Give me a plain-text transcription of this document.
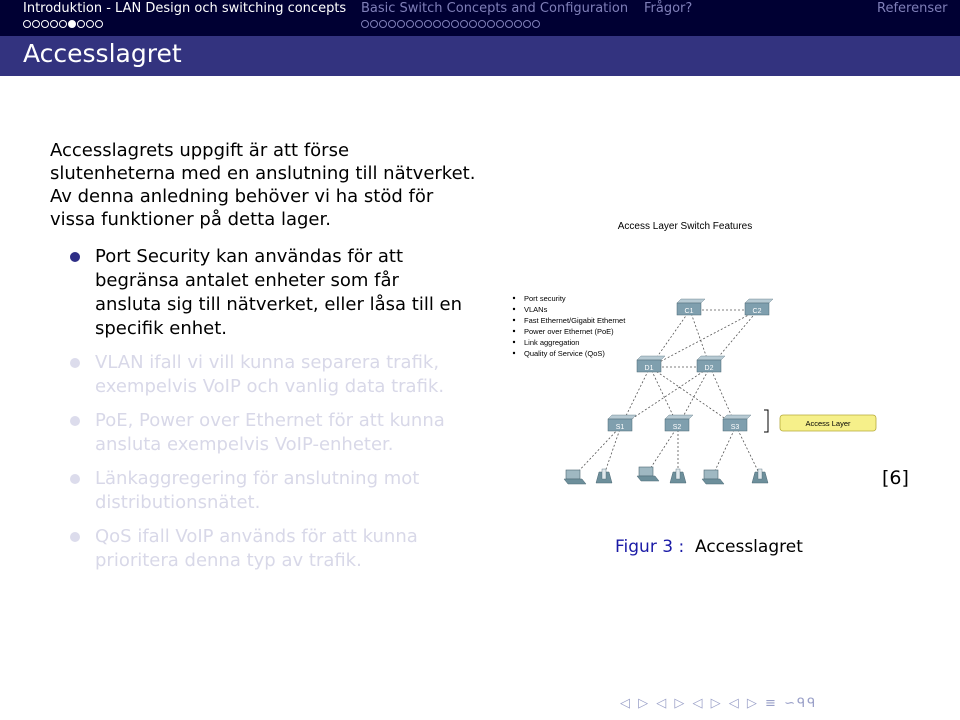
Introduktion - LAN Design och switching concepts Basic Switch Concepts and Configuration Frågor?	Referenser
Accesslagret

Accesslagrets uppgift är att förse slutenheterna med en anslutning till nätverket. Av denna anledning behöver vi ha stöd för vissa funktioner på detta lager.

Port Security kan användas för att begränsa antalet enheter som får ansluta sig till nätverket, eller låsa till en specifik enhet.
VLAN ifall vi vill kunna separera trafik, exempelvis VoIP och vanlig data trafik.
PoE, Power over Ethernet för att kunna ansluta exempelvis VoIP-enheter.
Länkaggregering för anslutning mot distributionsnätet.
QoS ifall VoIP används för att kunna prioritera denna typ av trafik.
Access Layer Switch Features
Port security
VLANs
Fast Ethernet/Gigabit Ethernet
Power over Ethernet (PoE)
Link aggregation
Quality of Service (QoS)
C1	C2
D1	D2
S1	S2	S3	Access Layer
Figur 3 : Accesslagret
[6]
◁ ▷ ◁ ▷ ◁ ▷ ◁ ▷ ≡ ∽ᑫᑫ
